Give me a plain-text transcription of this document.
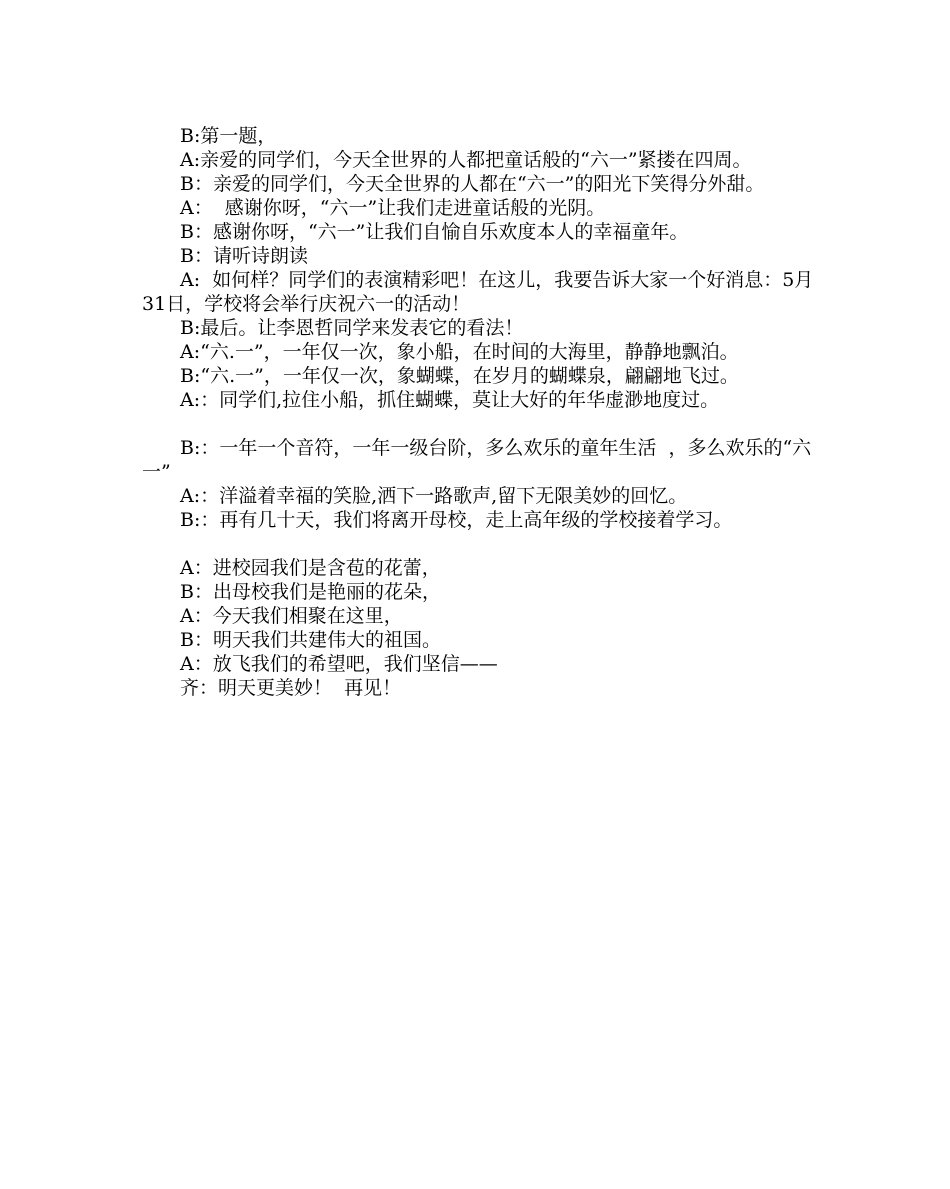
B:第一题，

A:亲爱的同学们，今天全世界的人都把童话般的“六一”紧搂在四周。

B：亲爱的同学们，今天全世界的人都在“六一”的阳光下笑得分外甜。

A：  感谢你呀，“六一”让我们走进童话般的光阴。

B：感谢你呀，“六一”让我们自愉自乐欢度本人的幸福童年。

B：请听诗朗读

A:  如何样？同学们的表演精彩吧！在这儿，我要告诉大家一个好消息：5月31日，学校将会举行庆祝六一的活动！

B:最后。让李恩哲同学来发表它的看法！

A:“六.一”，一年仅一次，象小船，在时间的大海里，静静地飘泊。

B:“六.一”，一年仅一次，象蝴蝶，在岁月的蝴蝶泉，翩翩地飞过。

A:：同学们,拉住小船，抓住蝴蝶，莫让大好的年华虚渺地度过。

B:：一年一个音符，一年一级台阶，多么欢乐的童年生活  ，多么欢乐的“六一”

A:：洋溢着幸福的笑脸,洒下一路歌声,留下无限美妙的回忆。

B:：再有几十天，我们将离开母校，走上高年级的学校接着学习。

A：进校园我们是含苞的花蕾，

B：出母校我们是艳丽的花朵，

A：今天我们相聚在这里，

B：明天我们共建伟大的祖国。

A：放飞我们的希望吧，我们坚信——

齐：明天更美妙！  再见！
